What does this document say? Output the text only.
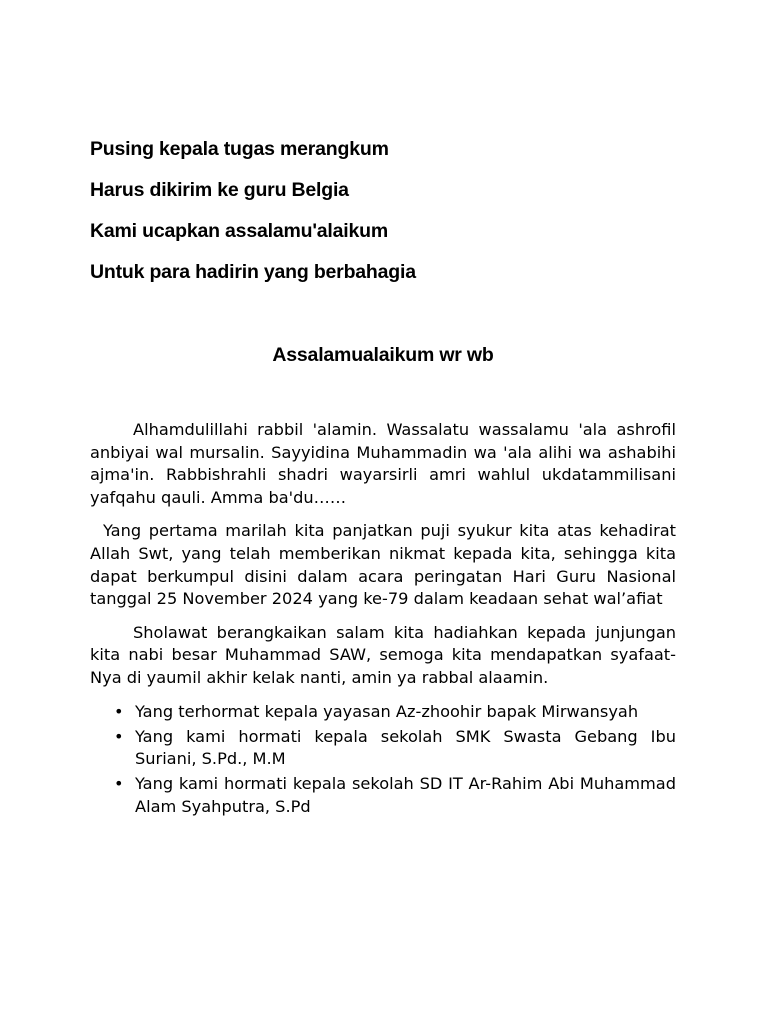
Pusing kepala tugas merangkum
Harus dikirim ke guru Belgia
Kami ucapkan assalamu'alaikum
Untuk para hadirin yang berbahagia
Assalamualaikum wr wb

Alhamdulillahi rabbil 'alamin. Wassalatu wassalamu 'ala ashrofil anbiyai wal mursalin. Sayyidina Muhammadin wa 'ala alihi wa ashabihi ajma'in. Rabbishrahli shadri wayarsirli amri wahlul ukdatammilisani yafqahu qauli. Amma ba'du……

Yang pertama marilah kita panjatkan puji syukur kita atas kehadirat Allah Swt, yang telah memberikan nikmat kepada kita, sehingga kita dapat berkumpul disini dalam acara peringatan Hari Guru Nasional tanggal 25 November 2024 yang ke-79 dalam keadaan sehat wal’afiat

Sholawat berangkaikan salam kita hadiahkan kepada junjungan kita nabi besar Muhammad SAW, semoga kita mendapatkan syafaat-Nya di yaumil akhir kelak nanti, amin ya rabbal alaamin.

• Yang terhormat kepala yayasan Az-zhoohir bapak Mirwansyah
• Yang kami hormati kepala sekolah SMK Swasta Gebang Ibu Suriani, S.Pd., M.M
• Yang kami hormati kepala sekolah SD IT Ar-Rahim Abi Muhammad Alam Syahputra, S.Pd
